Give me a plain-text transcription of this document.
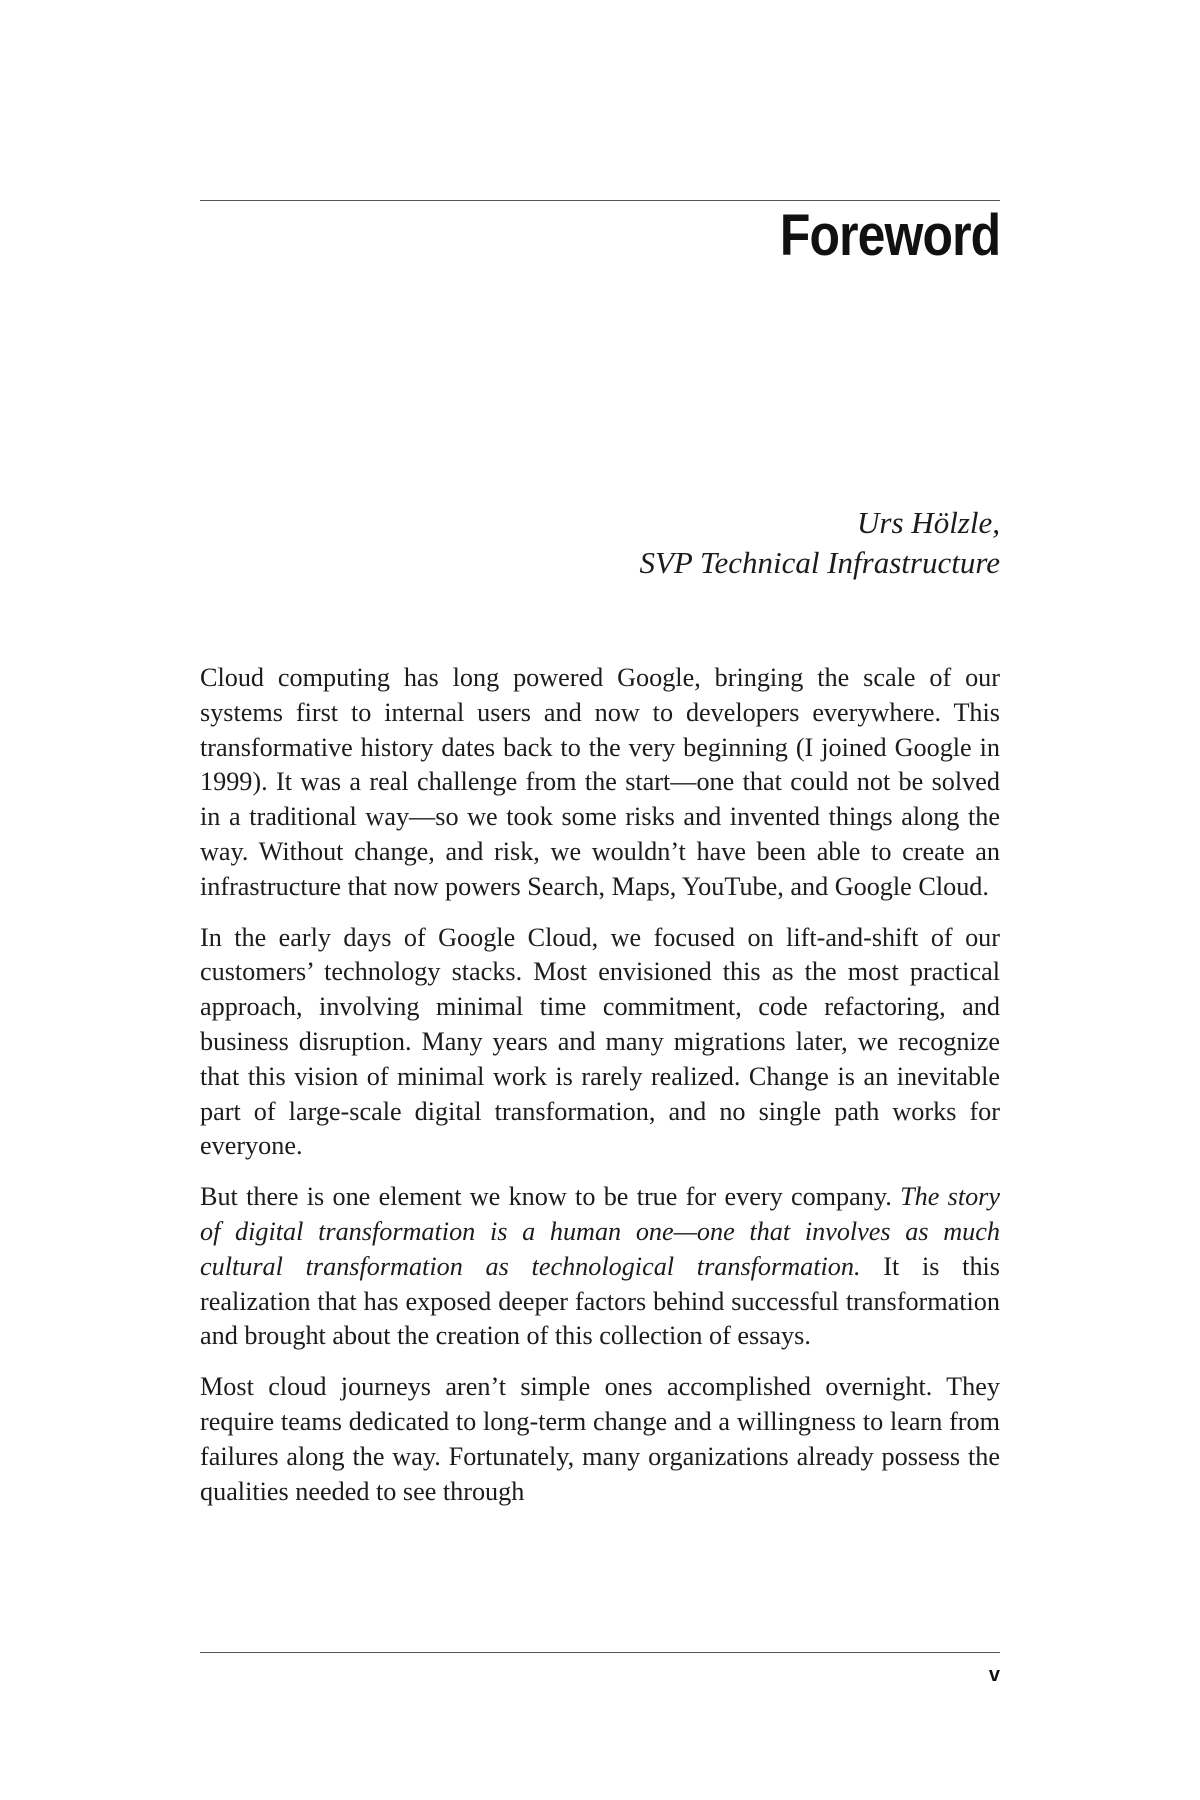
Foreword
Urs Hölzle,
SVP Technical Infrastructure

Cloud computing has long powered Google, bringing the scale of our systems first to internal users and now to developers everywhere. This transformative history dates back to the very beginning (I joined Google in 1999). It was a real challenge from the start—one that could not be solved in a traditional way—so we took some risks and invented things along the way. Without change, and risk, we wouldn’t have been able to create an infrastructure that now powers Search, Maps, YouTube, and Google Cloud.

In the early days of Google Cloud, we focused on lift-and-shift of our customers’ technology stacks. Most envisioned this as the most practical approach, involving minimal time commitment, code refactoring, and business disruption. Many years and many migrations later, we recognize that this vision of minimal work is rarely realized. Change is an inevitable part of large-scale digital transformation, and no single path works for everyone.

But there is one element we know to be true for every company. The story of digital transformation is a human one—one that involves as much cultural transformation as technological transformation. It is this realization that has exposed deeper factors behind successful transformation and brought about the creation of this collection of essays.

Most cloud journeys aren’t simple ones accomplished overnight. They require teams dedicated to long-term change and a willingness to learn from failures along the way. Fortunately, many organizations already possess the qualities needed to see through

v
